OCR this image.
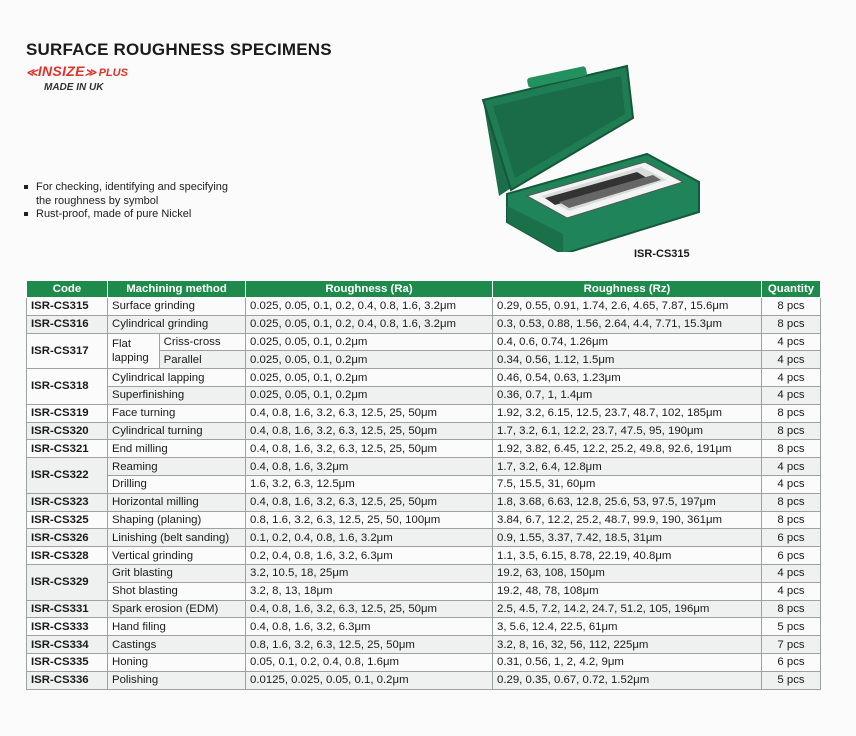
SURFACE ROUGHNESS SPECIMENS
≪INSIZE≫ PLUS
MADE IN UK
For checking, identifying and specifying
the roughness by symbol
Rust-proof, made of pure Nickel
ISR-CS315
Code	Machining method		Roughness (Ra)	Roughness (Rz)	Quantity
ISR-CS315	Surface grinding		0.025, 0.05, 0.1, 0.2, 0.4, 0.8, 1.6, 3.2μm	0.29, 0.55, 0.91, 1.74, 2.6, 4.65, 7.87, 15.6μm	8 pcs
ISR-CS316	Cylindrical grinding		0.025, 0.05, 0.1, 0.2, 0.4, 0.8, 1.6, 3.2μm	0.3, 0.53, 0.88, 1.56, 2.64, 4.4, 7.71, 15.3μm	8 pcs
ISR-CS317	Flat lapping	Criss-cross	0.025, 0.05, 0.1, 0.2μm	0.4, 0.6, 0.74, 1.26μm	4 pcs
		Parallel	0.025, 0.05, 0.1, 0.2μm	0.34, 0.56, 1.12, 1.5μm	4 pcs
ISR-CS318	Cylindrical lapping		0.025, 0.05, 0.1, 0.2μm	0.46, 0.54, 0.63, 1.23μm	4 pcs
	Superfinishing		0.025, 0.05, 0.1, 0.2μm	0.36, 0.7, 1, 1.4μm	4 pcs
ISR-CS319	Face turning		0.4, 0.8, 1.6, 3.2, 6.3, 12.5, 25, 50μm	1.92, 3.2, 6.15, 12.5, 23.7, 48.7, 102, 185μm	8 pcs
ISR-CS320	Cylindrical turning		0.4, 0.8, 1.6, 3.2, 6.3, 12.5, 25, 50μm	1.7, 3.2, 6.1, 12.2, 23.7, 47.5, 95, 190μm	8 pcs
ISR-CS321	End milling		0.4, 0.8, 1.6, 3.2, 6.3, 12.5, 25, 50μm	1.92, 3.82, 6.45, 12.2, 25.2, 49.8, 92.6, 191μm	8 pcs
ISR-CS322	Reaming		0.4, 0.8, 1.6, 3.2μm	1.7, 3.2, 6.4, 12.8μm	4 pcs
	Drilling		1.6, 3.2, 6.3, 12.5μm	7.5, 15.5, 31, 60μm	4 pcs
ISR-CS323	Horizontal milling		0.4, 0.8, 1.6, 3.2, 6.3, 12.5, 25, 50μm	1.8, 3.68, 6.63, 12.8, 25.6, 53, 97.5, 197μm	8 pcs
ISR-CS325	Shaping (planing)		0.8, 1.6, 3.2, 6.3, 12.5, 25, 50, 100μm	3.84, 6.7, 12.2, 25.2, 48.7, 99.9, 190, 361μm	8 pcs
ISR-CS326	Linishing (belt sanding)		0.1, 0.2, 0.4, 0.8, 1.6, 3.2μm	0.9, 1.55, 3.37, 7.42, 18.5, 31μm	6 pcs
ISR-CS328	Vertical grinding		0.2, 0.4, 0.8, 1.6, 3.2, 6.3μm	1.1, 3.5, 6.15, 8.78, 22.19, 40.8μm	6 pcs
ISR-CS329	Grit blasting		3.2, 10.5, 18, 25μm	19.2, 63, 108, 150μm	4 pcs
	Shot blasting		3.2, 8, 13, 18μm	19.2, 48, 78, 108μm	4 pcs
ISR-CS331	Spark erosion (EDM)		0.4, 0.8, 1.6, 3.2, 6.3, 12.5, 25, 50μm	2.5, 4.5, 7.2, 14.2, 24.7, 51.2, 105, 196μm	8 pcs
ISR-CS333	Hand filing		0.4, 0.8, 1.6, 3.2, 6.3μm	3, 5.6, 12.4, 22.5, 61μm	5 pcs
ISR-CS334	Castings		0.8, 1.6, 3.2, 6.3, 12.5, 25, 50μm	3.2, 8, 16, 32, 56, 112, 225μm	7 pcs
ISR-CS335	Honing		0.05, 0.1, 0.2, 0.4, 0.8, 1.6μm	0.31, 0.56, 1, 2, 4.2, 9μm	6 pcs
ISR-CS336	Polishing		0.0125, 0.025, 0.05, 0.1, 0.2μm	0.29, 0.35, 0.67, 0.72, 1.52μm	5 pcs
